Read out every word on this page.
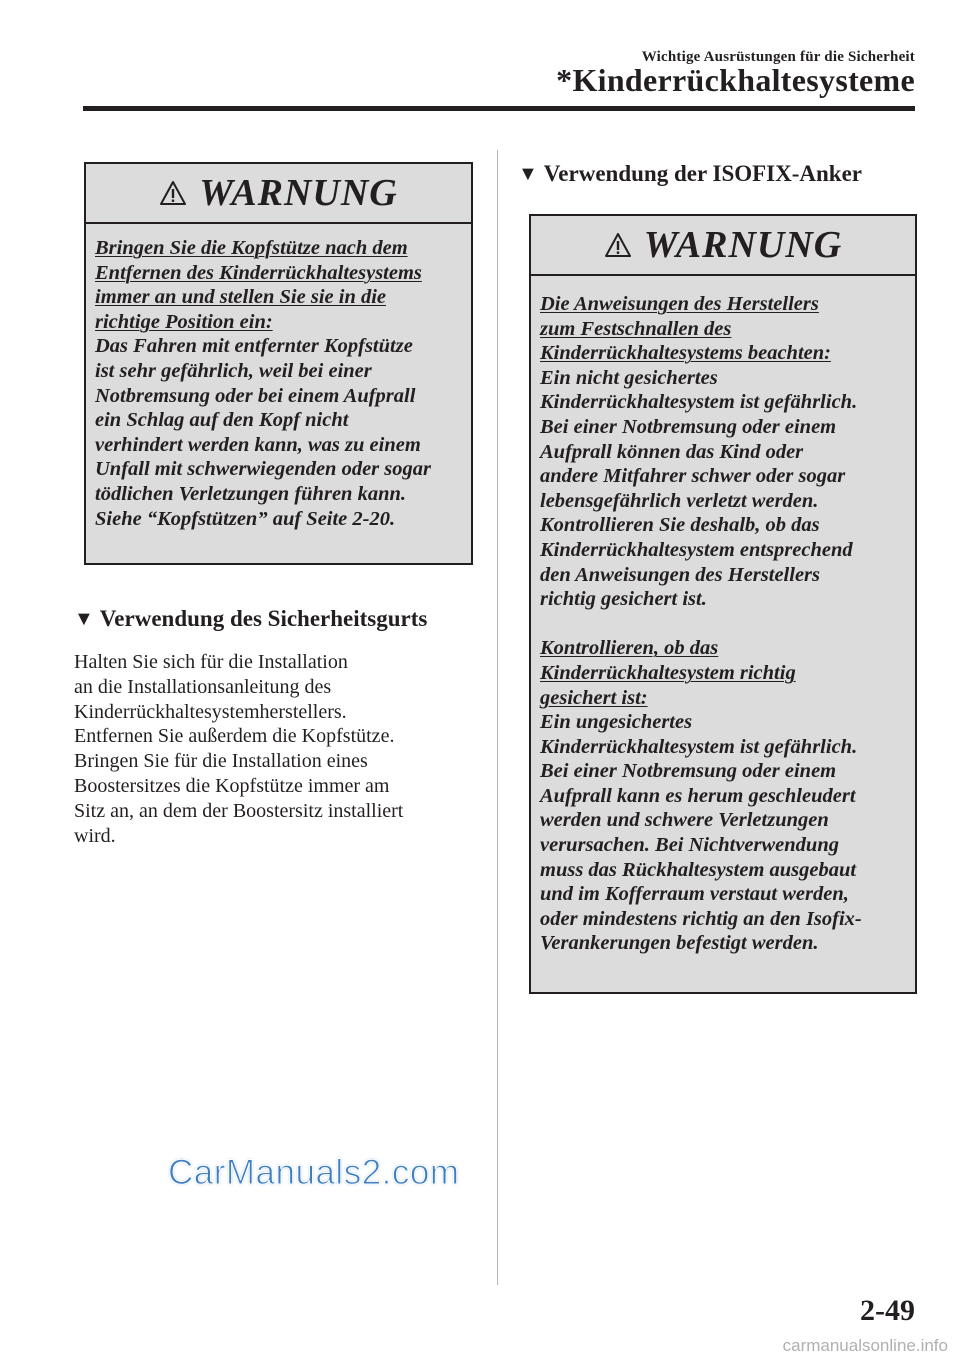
Wichtige Ausrüstungen für die Sicherheit
*Kinderrückhaltesysteme
WARNUNG

Bringen Sie die Kopfstütze nach dem

Entfernen des Kinderrückhaltesystems

immer an und stellen Sie sie in die

richtige Position ein:

Das Fahren mit entfernter Kopfstütze

ist sehr gefährlich, weil bei einer

Notbremsung oder bei einem Aufprall

ein Schlag auf den Kopf nicht

verhindert werden kann, was zu einem

Unfall mit schwerwiegenden oder sogar

tödlichen Verletzungen führen kann.

Siehe “Kopfstützen” auf Seite 2-20.

▼ Verwendung des Sicherheitsgurts

Halten Sie sich für die Installation

an die Installationsanleitung des

Kinderrückhaltesystemherstellers.

Entfernen Sie außerdem die Kopfstütze.

Bringen Sie für die Installation eines

Boostersitzes die Kopfstütze immer am

Sitz an, an dem der Boostersitz installiert

wird.

▼ Verwendung der ISOFIX-Anker
WARNUNG

Die Anweisungen des Herstellers

zum Festschnallen des

Kinderrückhaltesystems beachten:

Ein nicht gesichertes

Kinderrückhaltesystem ist gefährlich.

Bei einer Notbremsung oder einem

Aufprall können das Kind oder

andere Mitfahrer schwer oder sogar

lebensgefährlich verletzt werden.

Kontrollieren Sie deshalb, ob das

Kinderrückhaltesystem entsprechend

den Anweisungen des Herstellers

richtig gesichert ist.

Kontrollieren, ob das

Kinderrückhaltesystem richtig

gesichert ist:

Ein ungesichertes

Kinderrückhaltesystem ist gefährlich.

Bei einer Notbremsung oder einem

Aufprall kann es herum geschleudert

werden und schwere Verletzungen

verursachen. Bei Nichtverwendung

muss das Rückhaltesystem ausgebaut

und im Kofferraum verstaut werden,

oder mindestens richtig an den Isofix-

Verankerungen befestigt werden.

CarManuals2.com
2-49
carmanualsonline.info
